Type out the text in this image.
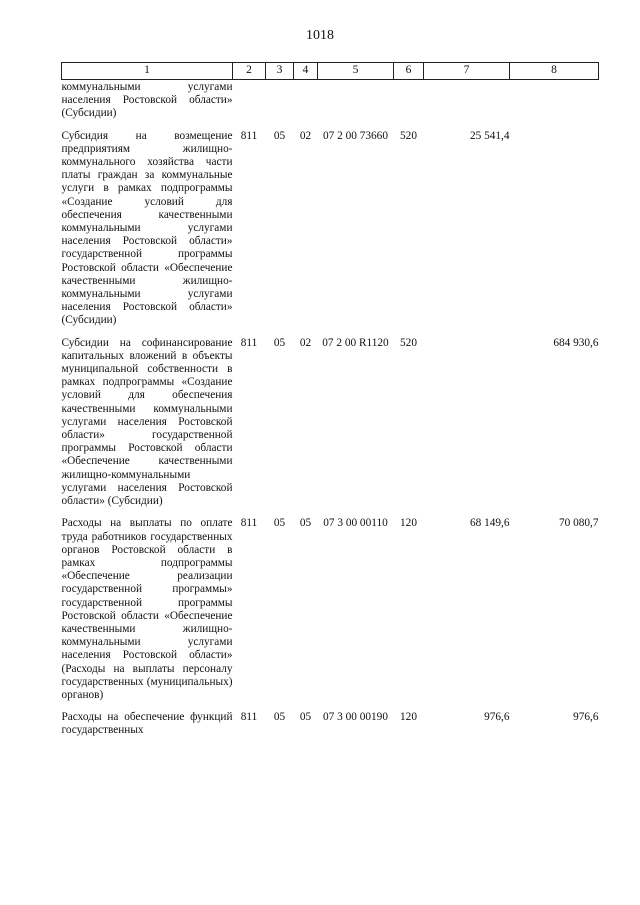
1018
1	2	3	4	5	6	7	8
коммунальными услугами населения Ростовской области» (Субсидии)							
Субсидия на возмещение предприятиям жилищно-коммунального хозяйства части платы граждан за коммунальные услуги в рамках подпрограммы «Создание условий для обеспечения качественными коммунальными услугами населения Ростовской области» государственной программы Ростовской области «Обеспечение качественными жилищно-коммунальными услугами населения Ростовской области» (Субсидии)	811	05	02	07 2 00 73660	520	25 541,4	
Субсидии на софинансирование капитальных вложений в объекты муниципальной собственности в рамках подпрограммы «Создание условий для обеспечения качественными коммунальными услугами населения Ростовской области» государственной программы Ростовской области «Обеспечение качественными жилищно-коммунальными услугами населения Ростовской области» (Субсидии)	811	05	02	07 2 00 R1120	520		684 930,6
Расходы на выплаты по оплате труда работников государственных органов Ростовской области в рамках подпрограммы «Обеспечение реализации государственной программы» государственной программы Ростовской области «Обеспечение качественными жилищно-коммунальными услугами населения Ростовской области» (Расходы на выплаты персоналу государственных (муниципальных) органов)	811	05	05	07 3 00 00110	120	68 149,6	70 080,7
Расходы на обеспечение функций государственных	811	05	05	07 3 00 00190	120	976,6	976,6
